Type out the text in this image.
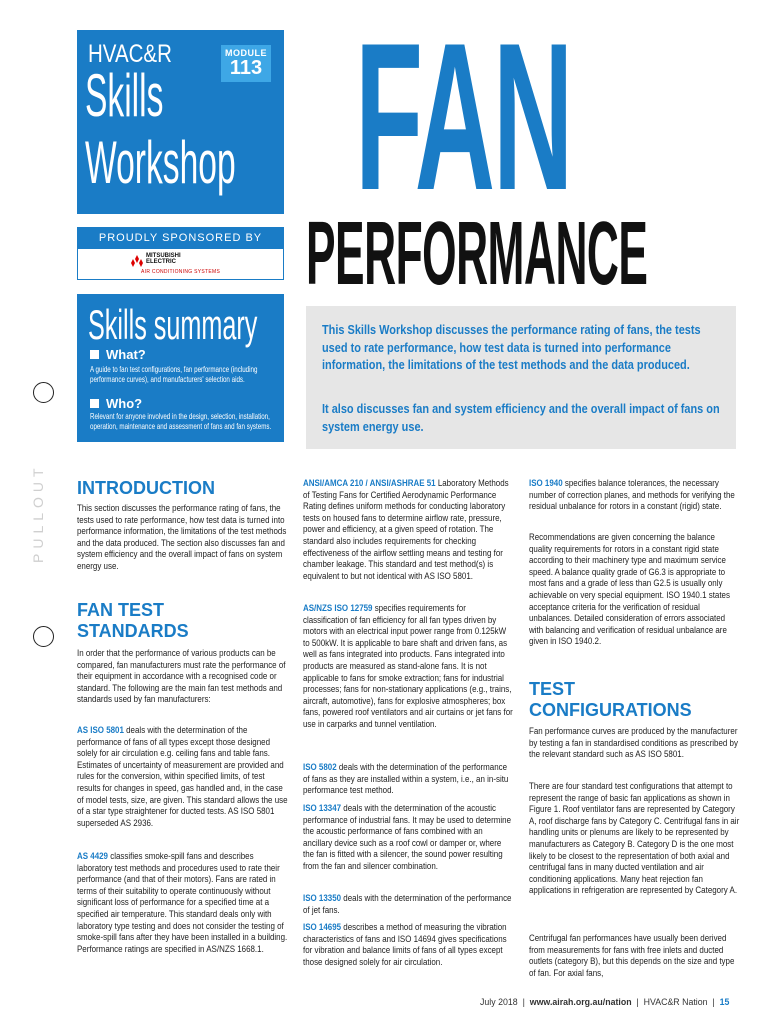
HVAC&R
Skills
Workshop
MODULE
113
PROUDLY SPONSORED BY
MITSUBISHI
ELECTRIC
AIR CONDITIONING SYSTEMS
FAN
PERFORMANCE
Skills summary
What?
A guide to fan test configurations, fan performance (including performance curves), and manufacturers' selection aids.
Who?
Relevant for anyone involved in the design, selection, installation, operation, maintenance and assessment of fans and fan systems.
This Skills Workshop discusses the performance rating of fans, the tests used to rate performance, how test data is turned into performance information, the limitations of the test methods and the data produced.
It also discusses fan and system efficiency and the overall impact of fans on system energy use.
PULLOUT INTRODUCTION
This section discusses the performance rating of fans, the tests used to rate performance, how test data is turned into performance information, the limitations of the test methods and the data produced. The section also discusses fan and system efficiency and the overall impact of fans on system energy use.
FAN TEST STANDARDS
In order that the performance of various products can be compared, fan manufacturers must rate the performance of their equipment in accordance with a recognised code or standard. The following are the main fan test methods and standards used by fan manufacturers:
AS ISO 5801 deals with the determination of the performance of fans of all types except those designed solely for air circulation e.g. ceiling fans and table fans. Estimates of uncertainty of measurement are provided and rules for the conversion, within specified limits, of test results for changes in speed, gas handled and, in the case of model tests, size, are given. This standard allows the use of a star type straightener for ducted tests. AS ISO 5801 superseded AS 2936.
AS 4429 classifies smoke-spill fans and describes laboratory test methods and procedures used to rate their performance (and that of their motors). Fans are rated in terms of their suitability to operate continuously without significant loss of performance for a specified time at a specified air temperature. This standard deals only with laboratory type testing and does not consider the testing of smoke-spill fans after they have been installed in a building. Performance ratings are specified in AS/NZS 1668.1.
ANSI/AMCA 210 / ANSI/ASHRAE 51 Laboratory Methods of Testing Fans for Certified Aerodynamic Performance Rating defines uniform methods for conducting laboratory tests on housed fans to determine airflow rate, pressure, power and efficiency, at a given speed of rotation. The standard also includes requirements for checking effectiveness of the airflow settling means and testing for chamber leakage. This standard and test method(s) is equivalent to but not identical with AS ISO 5801.
AS/NZS ISO 12759 specifies requirements for classification of fan efficiency for all fan types driven by motors with an electrical input power range from 0.125kW to 500kW. It is applicable to bare shaft and driven fans, as well as fans integrated into products. Fans integrated into products are measured as stand-alone fans. It is not applicable to fans for smoke extraction; fans for industrial processes; fans for non-stationary applications (e.g., trains, aircraft, automotive), fans for explosive atmospheres; box fans, powered roof ventilators and air curtains or jet fans for use in carparks and tunnel ventilation.
ISO 5802 deals with the determination of the performance of fans as they are installed within a system, i.e., an in-situ performance test method.
ISO 13347 deals with the determination of the acoustic performance of industrial fans. It may be used to determine the acoustic performance of fans combined with an ancillary device such as a roof cowl or damper or, where the fan is fitted with a silencer, the sound power resulting from the fan and silencer combination.
ISO 13350 deals with the determination of the performance of jet fans.
ISO 14695 describes a method of measuring the vibration characteristics of fans and ISO 14694 gives specifications for vibration and balance limits of fans of all types except those designed solely for air circulation.
ISO 1940 specifies balance tolerances, the necessary number of correction planes, and methods for verifying the residual unbalance for rotors in a constant (rigid) state.
Recommendations are given concerning the balance quality requirements for rotors in a constant rigid state according to their machinery type and maximum service speed. A balance quality grade of G6.3 is appropriate to most fans and a grade of less than G2.5 is usually only achievable on very special equipment. ISO 1940.1 states acceptance criteria for the verification of residual unbalances. Detailed consideration of errors associated with balancing and verification of residual unbalance are given in ISO 1940.2.
TEST CONFIGURATIONS
Fan performance curves are produced by the manufacturer by testing a fan in standardised conditions as prescribed by the relevant standard such as AS ISO 5801.
There are four standard test configurations that attempt to represent the range of basic fan applications as shown in Figure 1. Roof ventilator fans are represented by Category A, roof discharge fans by Category C. Centrifugal fans in air handling units or plenums are likely to be represented by manufacturers as Category B. Category D is the one most likely to be closest to the representation of both axial and centrifugal fans in many ducted ventilation and air conditioning applications. Many heat rejection fan applications in refrigeration are represented by Category A.
Centrifugal fan performances have usually been derived from measurements for fans with free inlets and ducted outlets (category B), but this depends on the size and type of fan. For axial fans,
July 2018 | www.airah.org.au/nation | HVAC&R Nation | 15
